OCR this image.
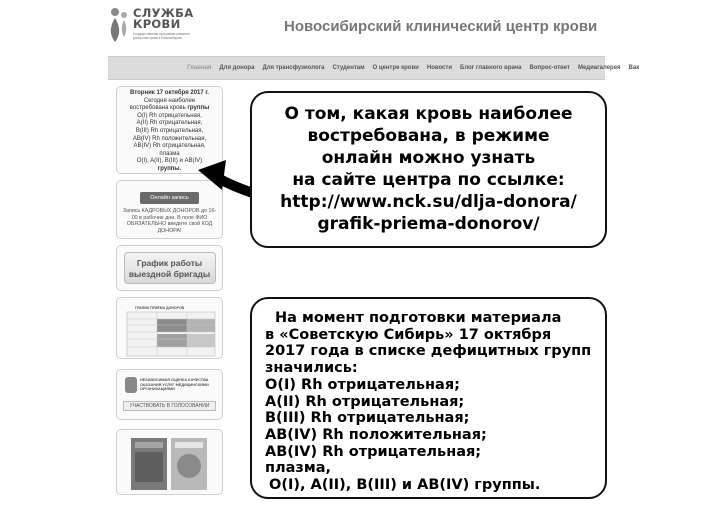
СЛУЖБА
КРОВИ
Государственная программа развития донорства крови в Новосибирске
Новосибирский клинический центр крови
Главная Для донора Для трансфузиолога Студентам О центре крови Новости Блог главного врача Вопрос-ответ Медиагалерея Вак
Вторник 17 октября 2017 г.
Сегодня наиболее
востребована кровь группы
O(I) Rh отрицательная,
A(II) Rh отрицательная,
B(III) Rh отрицательная,
AB(IV) Rh положительная,
AB(IV) Rh отрицательная,
плазма
O(I), A(II), B(III) и AB(IV)
группы.
Онлайн запись
Запись КАДРОВЫХ ДОНОРОВ до 16-00 в рабочие дни. В поле ФИО ОБЯЗАТЕЛЬНО введите свой КОД ДОНОРА!
График работы
выездной бригады
ГРАФИК ПРИЁМА ДОНОРОВ
НЕЗАВИСИМАЯ ОЦЕНКА КАЧЕСТВА ОКАЗАНИЯ УСЛУГ МЕДИЦИНСКИМИ ОРГАНИЗАЦИЯМИ
УЧАСТВОВАТЬ В ГОЛОСОВАНИИ
О том, какая кровь наиболее
востребована, в режиме
онлайн можно узнать
на сайте центра по ссылке:
http://www.nck.su/dlja-donora/
grafik-priema-donorov/
На момент подготовки материала
в «Советскую Сибирь» 17 октября
2017 года в списке дефицитных групп
значились:
O(I) Rh отрицательная;
A(II) Rh отрицательная;
B(III) Rh отрицательная;
AB(IV) Rh положительная;
AB(IV) Rh отрицательная;
плазма,
O(I), A(II), B(III) и AB(IV) группы.
